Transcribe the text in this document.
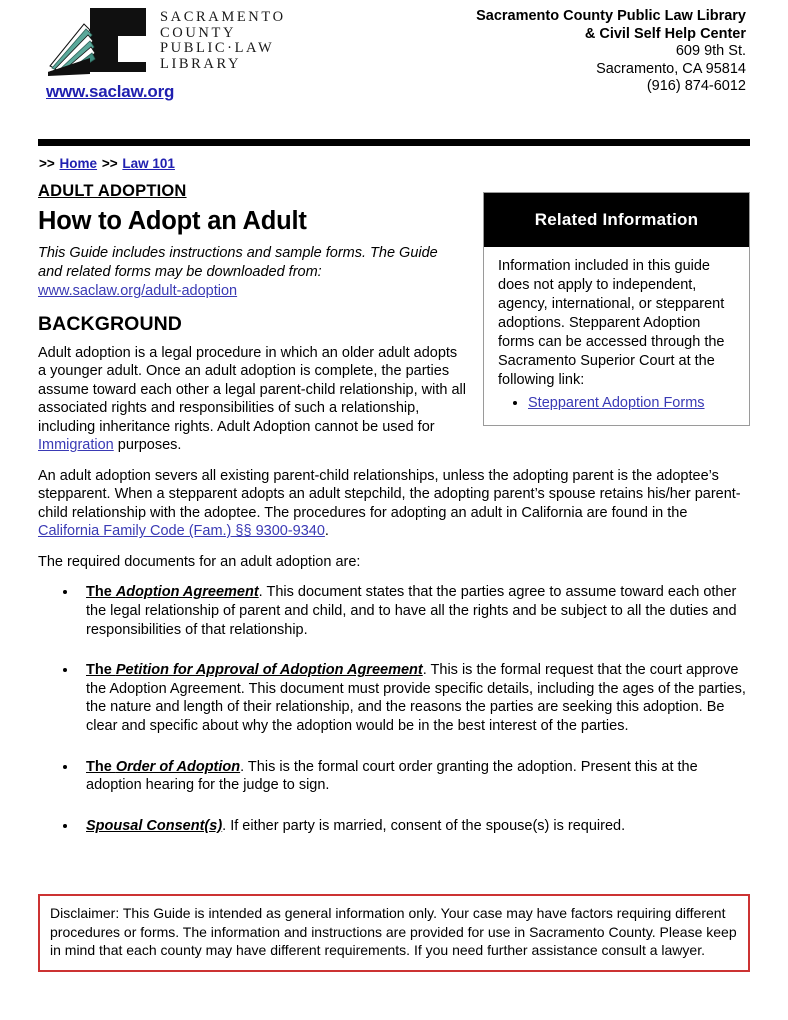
SACRAMENTO
COUNTY
PUBLIC·LAW
LIBRARY
Sacramento County Public Law Library
& Civil Self Help Center
609 9th St.
Sacramento, CA 95814
(916) 874-6012
www.saclaw.org
>> Home >> Law 101
Related Information

Information included in this guide does not apply to independent, agency, international, or stepparent adoptions. Stepparent Adoption forms can be accessed through the Sacramento Superior Court at the following link:

• Stepparent Adoption Forms
ADULT ADOPTION
How to Adopt an Adult

This Guide includes instructions and sample forms. The Guide and related forms may be downloaded from:
www.saclaw.org/adult-adoption

BACKGROUND

Adult adoption is a legal procedure in which an older adult adopts a younger adult. Once an adult adoption is complete, the parties assume toward each other a legal parent-child relationship, with all associated rights and responsibilities of such a relationship, including inheritance rights. Adult Adoption cannot be used for Immigration purposes.

An adult adoption severs all existing parent-child relationships, unless the adopting parent is the adoptee’s stepparent. When a stepparent adopts an adult stepchild, the adopting parent’s spouse retains his/her parent-child relationship with the adoptee. The procedures for adopting an adult in California are found in the California Family Code (Fam.) §§ 9300-9340.

The required documents for an adult adoption are:

• The Adoption Agreement. This document states that the parties agree to assume toward each other the legal relationship of parent and child, and to have all the rights and be subject to all the duties and responsibilities of that relationship.
• The Petition for Approval of Adoption Agreement. This is the formal request that the court approve the Adoption Agreement. This document must provide specific details, including the ages of the parties, the nature and length of their relationship, and the reasons the parties are seeking this adoption. Be clear and specific about why the adoption would be in the best interest of the parties.
• The Order of Adoption. This is the formal court order granting the adoption. Present this at the adoption hearing for the judge to sign.
• Spousal Consent(s). If either party is married, consent of the spouse(s) is required.
Disclaimer: This Guide is intended as general information only. Your case may have factors requiring different procedures or forms. The information and instructions are provided for use in Sacramento County. Please keep in mind that each county may have different requirements. If you need further assistance consult a lawyer.
